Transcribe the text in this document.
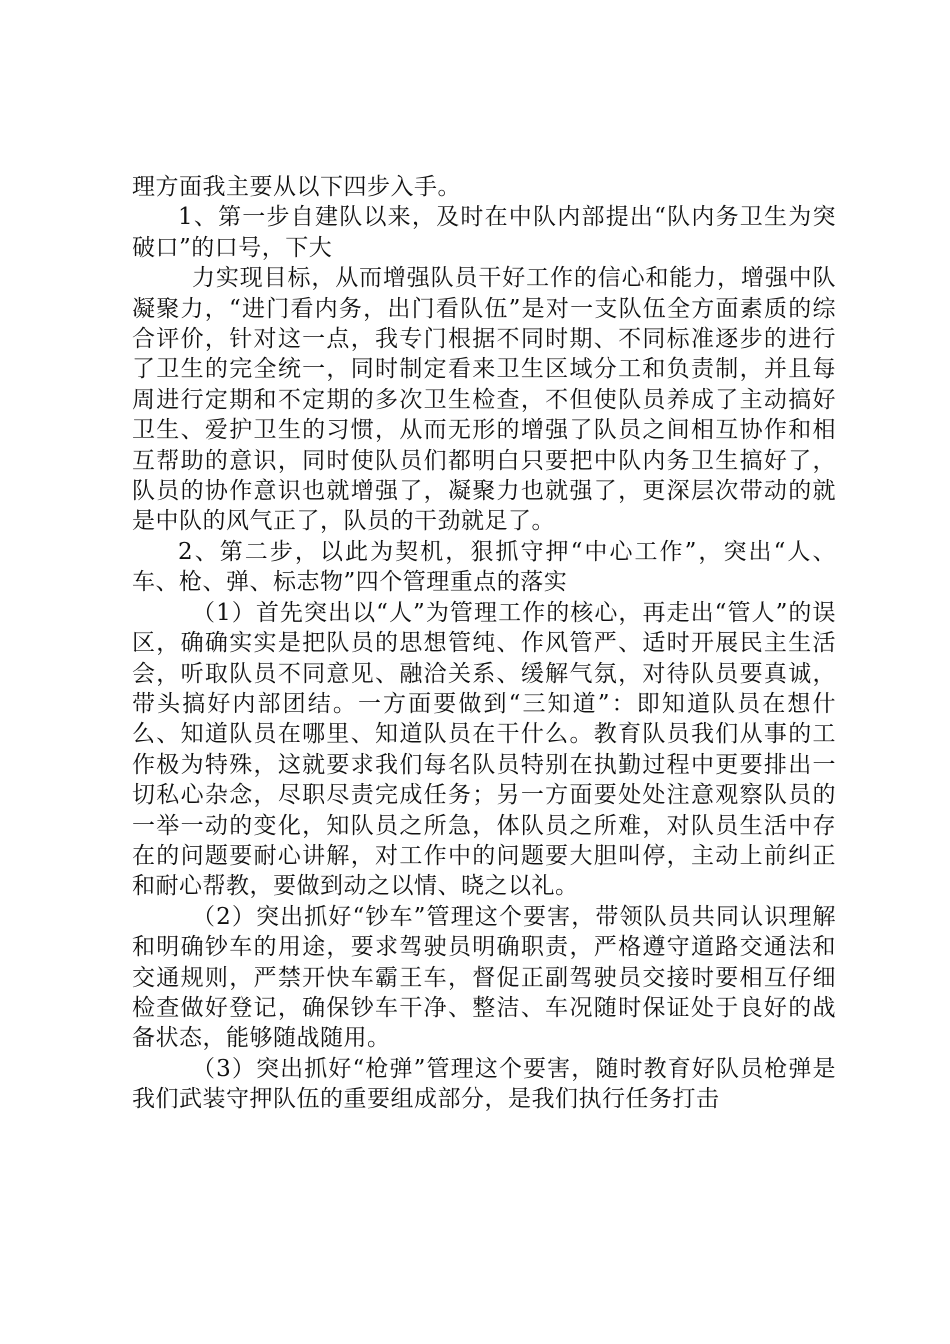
理方面我主要从以下四步入手。

1、第一步自建队以来，及时在中队内部提出“队内务卫生为突破口”的口号，下大

力实现目标，从而增强队员干好工作的信心和能力，增强中队凝聚力，“进门看内务，出门看队伍”是对一支队伍全方面素质的综合评价，针对这一点，我专门根据不同时期、不同标准逐步的进行了卫生的完全统一，同时制定看来卫生区域分工和负责制，并且每周进行定期和不定期的多次卫生检查，不但使队员养成了主动搞好卫生、爱护卫生的习惯，从而无形的增强了队员之间相互协作和相互帮助的意识，同时使队员们都明白只要把中队内务卫生搞好了，队员的协作意识也就增强了，凝聚力也就强了，更深层次带动的就是中队的风气正了，队员的干劲就足了。

2、第二步，以此为契机，狠抓守押“中心工作”，突出“人、车、枪、弹、标志物”四个管理重点的落实

（1）首先突出以“人”为管理工作的核心，再走出“管人”的误区，确确实实是把队员的思想管纯、作风管严、适时开展民主生活会，听取队员不同意见、融洽关系、缓解气氛，对待队员要真诚，带头搞好内部团结。一方面要做到“三知道”：即知道队员在想什么、知道队员在哪里、知道队员在干什么。教育队员我们从事的工作极为特殊，这就要求我们每名队员特别在执勤过程中更要排出一切私心杂念，尽职尽责完成任务；另一方面要处处注意观察队员的一举一动的变化，知队员之所急，体队员之所难，对队员生活中存在的问题要耐心讲解，对工作中的问题要大胆叫停，主动上前纠正和耐心帮教，要做到动之以情、晓之以礼。

（2）突出抓好“钞车”管理这个要害，带领队员共同认识理解和明确钞车的用途，要求驾驶员明确职责，严格遵守道路交通法和交通规则，严禁开快车霸王车，督促正副驾驶员交接时要相互仔细检查做好登记，确保钞车干净、整洁、车况随时保证处于良好的战备状态，能够随战随用。

（3）突出抓好“枪弹”管理这个要害，随时教育好队员枪弹是我们武装守押队伍的重要组成部分，是我们执行任务打击
